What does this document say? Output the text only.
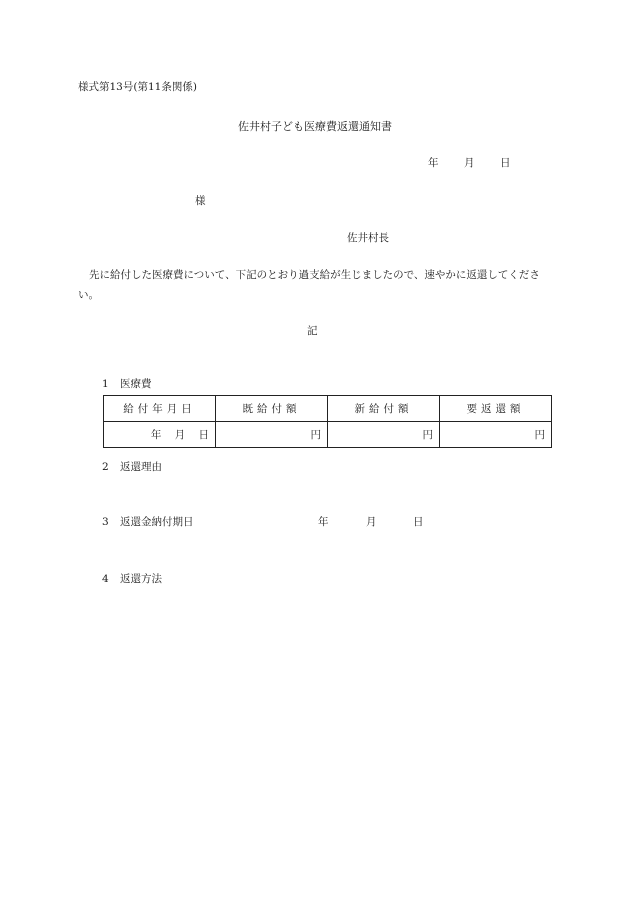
様式第13号(第11条関係)
佐井村子ども医療費返還通知書
年 月 日
様
佐井村長
先に給付した医療費について、下記のとおり過支給が生じましたので、速やかに返還してください。
記
1 医療費
給付年月日	既給付額	新給付額	要返還額
年 月 日	円	円	円
2 返還理由
3 返還金納付期日	年	月	日
4 返還方法
